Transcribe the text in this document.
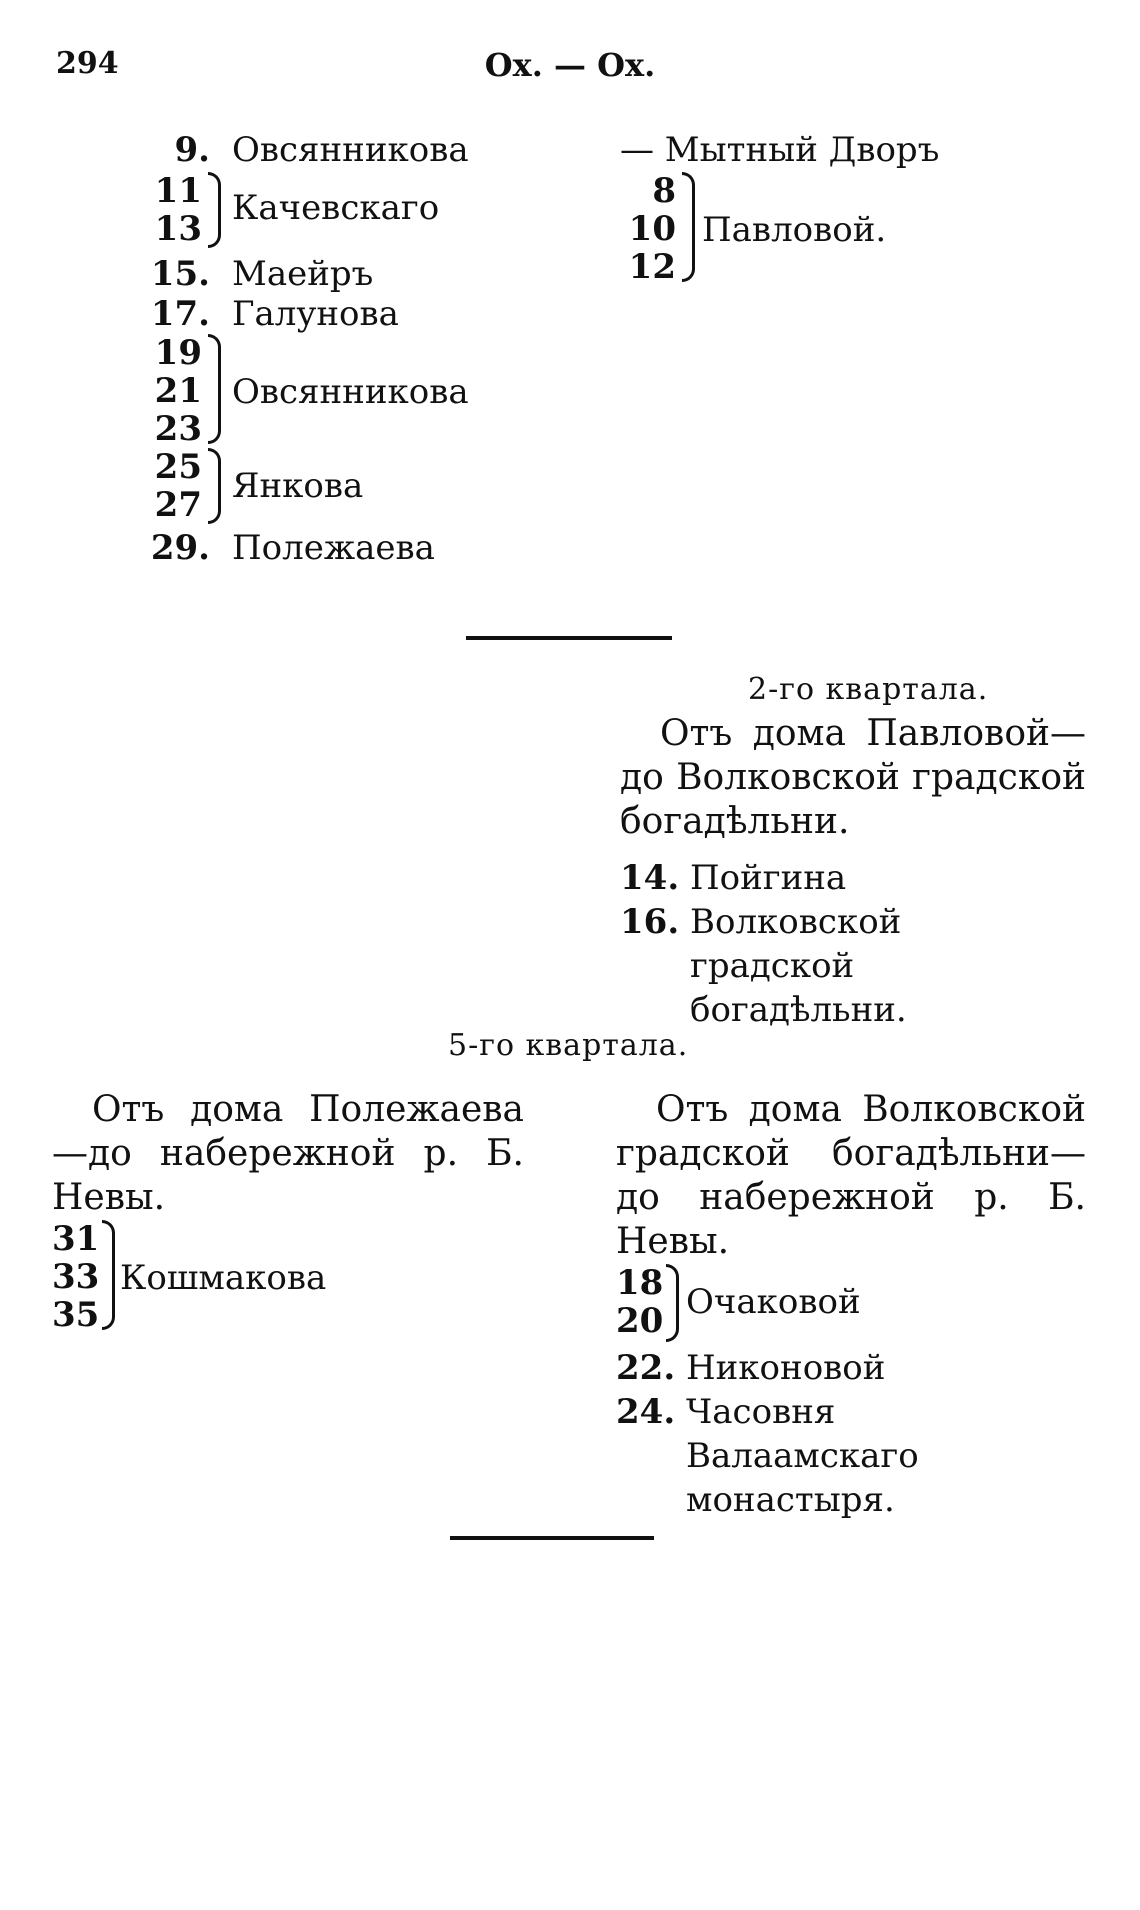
294	Ох. — Ох.
9. Овсянникова
11
13
Качевскаго
15. Маейръ
17. Галунова
19
21
23
Овсянникова
25
27 Янкова
29. Полежаева
— Мытный Дворъ
8
10
12
Павловой.
2-го квартала.
Отъ дома Павловой—до Волковской градской богадѣльни.
14. Пойгина
16. Волковской градской богадѣльни.
5-го квартала.
Отъ дома Полежаева—до набережной р. Б. Невы.
31
33
35
Кошмакова
Отъ дома Волковской градской богадѣльни—до набережной р. Б. Невы.
18
20 Очаковой
22. Никоновой
24. Часовня Валаамскаго монастыря.
